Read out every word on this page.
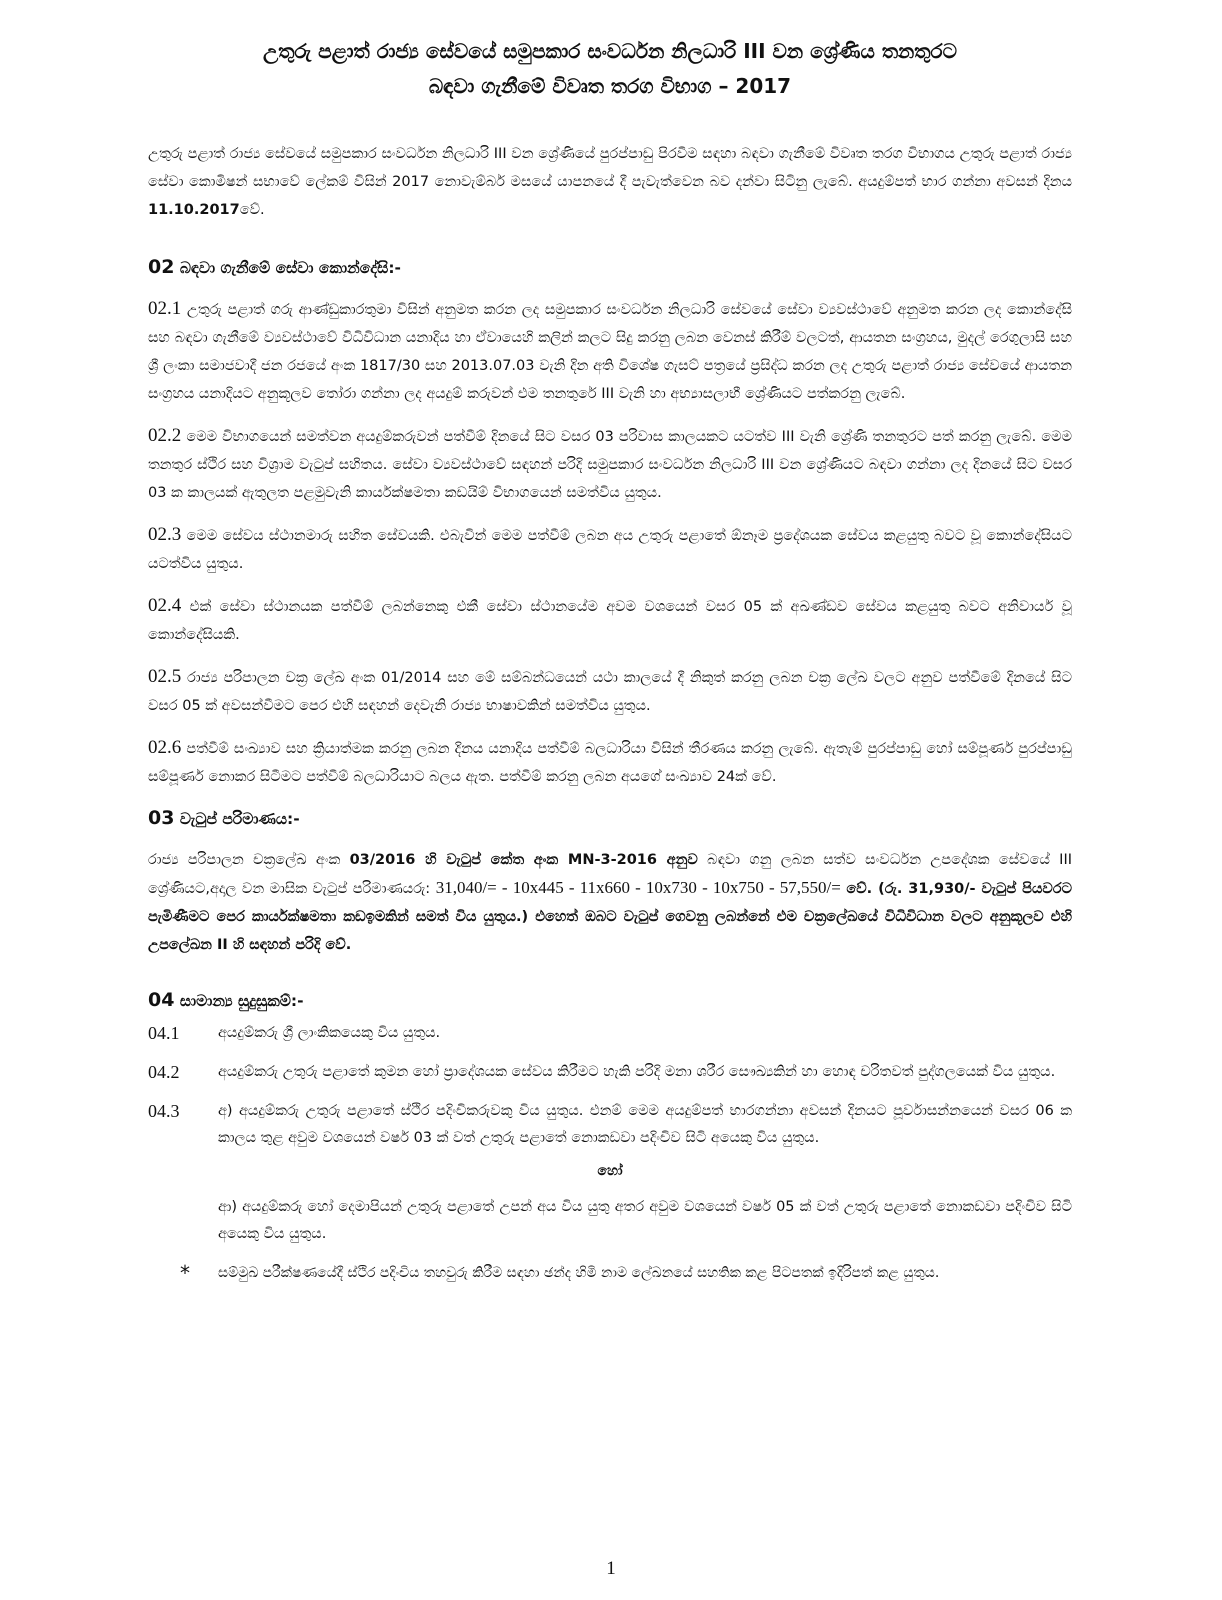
උතුරු පළාත් රාජ්‍ය සේවයේ සමුපකාර සංවර්ධන නිලධාරි III වන ශ්‍රේණිය තනතුරට
බඳවා ගැනීමේ විවෘත තරග විභාග – 2017

උතුරු පළාත් රාජ්‍ය සේවයේ සමුපකාර සංවර්ධන නිලධාරි III වන ශ්‍රේණියේ පුරප්පාඩු පිරවීම සඳහා බඳවා ගැනීමේ විවෘත තරග විභාගය උතුරු පළාත් රාජ්‍ය සේවා කොමිෂන් සභාවේ ලේකම් විසින් 2017 නොවැම්බර් මසයේ යාපනයේ දී පැවැත්වෙන බව දන්වා සිටිනු ලැබේ. අයදුම්පත් භාර ගන්නා අවසන් දිනය 11.10.2017වේ.

02 බඳවා ගැනීමේ සේවා කොන්දේසි:-

02.1 උතුරු පළාත් ගරු ආණ්ඩුකාරතුමා විසින් අනුමත කරන ලද සමුපකාර සංවර්ධන නිලධාරි සේවයේ සේවා ව්‍යවස්ථාවේ අනුමත කරන ලද කොන්දේසි සහ බඳවා ගැනීමේ ව්‍යවස්ථාවේ විධිවිධාන යනාදිය හා ඒවායෙහි කලින් කලට සිදු කරනු ලබන වෙනස් කිරීම් වලටත්, ආයතන සංග්‍රහය, මුදල් රෙගුලාසි සහ ශ්‍රී ලංකා සමාජවාදී ජන රජයේ අංක 1817/30 සහ 2013.07.03 වැනි දින අති විශේෂ ගැසට් පත්‍රයේ ප්‍රසිද්ධ කරන ලද උතුරු පළාත් රාජ්‍ය සේවයේ ආයතන සංග්‍රහය යනාදියට අනුකූලව තෝරා ගන්නා ලද අයදුම් කරුවන් එම තනතුරේ III වැනි හා අභ්‍යාසලාභී ශ්‍රේණියට පත්කරනු ලැබේ.

02.2 මෙම විභාගයෙන් සමත්වන අයදුම්කරුවන් පත්වීම් දිනයේ සිට වසර 03 පරිවාස කාලයකට යටත්ව III වැනි ශ්‍රේණි තනතුරට පත් කරනු ලැබේ. මෙම තනතුර ස්ථිර සහ විශ්‍රාම වැටුප් සහිතය. සේවා ව්‍යවස්ථාවේ සඳහන් පරිදි සමුපකාර සංවර්ධන නිලධාරි III වන ශ්‍රේණියට බඳවා ගන්නා ලද දිනයේ සිට වසර 03 ක කාලයක් ඇතුලත පළමුවැනි කාර්යක්ෂමතා කඩයිම් විභාගයෙන් සමත්විය යුතුය.

02.3 මෙම සේවය ස්ථානමාරු සහිත සේවයකි. එබැවින් මෙම පත්වීම් ලබන අය උතුරු පළාතේ ඕනෑම ප්‍රදේශයක සේවය කළයුතු බවට වූ කොන්දේසියට යටත්විය යුතුය.

02.4 එක් සේවා ස්ථානයක පත්වීම් ලබන්නෙකු එකී සේවා ස්ථානයේම අවම වශයෙන් වසර 05 ක් අඛණ්ඩව සේවය කළයුතු බවට අනිවාර්ය වූ කොන්දේසියකි.

02.5 රාජ්‍ය පරිපාලන චක්‍ර ලේඛ අංක 01/2014 සහ මේ සම්බන්ධයෙන් යථා කාලයේ දී නිකුත් කරනු ලබන චක්‍ර ලේඛ වලට අනුව පත්වීමේ දිනයේ සිට වසර 05 ක් අවසන්වීමට පෙර එහි සඳහන් දෙවැනි රාජ්‍ය භාෂාවකින් සමත්විය යුතුය.

02.6 පත්වීම් සංඛ්‍යාව සහ ක්‍රියාත්මක කරනු ලබන දිනය යනාදිය පත්වීම් බලධාරියා විසින් තීරණය කරනු ලැබේ. ඇතැම් පුරප්පාඩු හෝ සම්පූර්ණ පුරප්පාඩු සම්පූර්ණ නොකර සිටීමට පත්වීම් බලධාරියාට බලය ඇත. පත්වීම් කරනු ලබන අයගේ සංඛ්‍යාව 24ක් වේ.

03 වැටුප් පරිමාණය:-

රාජ්‍ය පරිපාලන චක්‍රලේඛ අංක 03/2016 හි වැටුප් කේත අංක MN-3-2016 අනුව බඳවා ගනු ලබන සත්ව සංවර්ධන උපදේශක සේවයේ III ශ්‍රේණියට,අදාල වන මාසික වැටුප් පරිමාණයරු: 31,040/= - 10x445 - 11x660 - 10x730 - 10x750 - 57,550/= වේ. (රු. 31,930/- වැටුප් පියවරට පැමිණීමට පෙර කාර්යක්ෂමතා කඩඉමකින් සමත් විය යුතුය.) එහෙත් ඔබට වැටුප් ගෙවනු ලබන්නේ එම චක්‍රලේඛයේ විධිවිධාන වලට අනුකූලව එහි උපලේඛන II හි සඳහන් පරිදි වේ.

04 සාමාන්‍ය සුදුසුකම්:-
04.1	අයදුම්කරු ශ්‍රී ලාංකිකයෙකු විය යුතුය.
04.2	අයදුම්කරු උතුරු පළාතේ කුමන හෝ ප්‍රාදේශයක සේවය කිරීමට හැකි පරිදි මනා ශරීර සෞඛ්‍යකින් හා හොඳ චරිතවත් පුද්ගලයෙක් විය යුතුය.
04.3	අ) අයදුම්කරු උතුරු පළාතේ ස්ථිර පදිංචිකරුවකු විය යුතුය. එනම් මෙම අයදුම්පත් භාරගන්නා අවසන් දිනයට පූර්වාසන්නයෙන් වසර 06 ක කාලය තුළ අවුම වශයෙන් වර්ෂ 03 ක් වත් උතුරු පළාතේ නොකඩවා පදිංචිව සිටි අයෙකු විය යුතුය.
හෝ
ආ) අයදුම්කරු හෝ දෙමාපියන් උතුරු පළාතේ උපන් අය විය යුතු අතර අවුම වශයෙන් වර්ෂ 05 ක් වත් උතුරු පළාතේ නොකඩවා පදිංචිව සිටි අයෙකු විය යුතුය.
*	සම්මුඛ පරීක්ෂණයේදී ස්ථිර පදිංචිය තහවුරු කිරීම සඳහා ඡන්ද හිමි නාම ලේඛනයේ සහතික කළ පිටපතක් ඉදිරිපත් කළ යුතුය.
1
